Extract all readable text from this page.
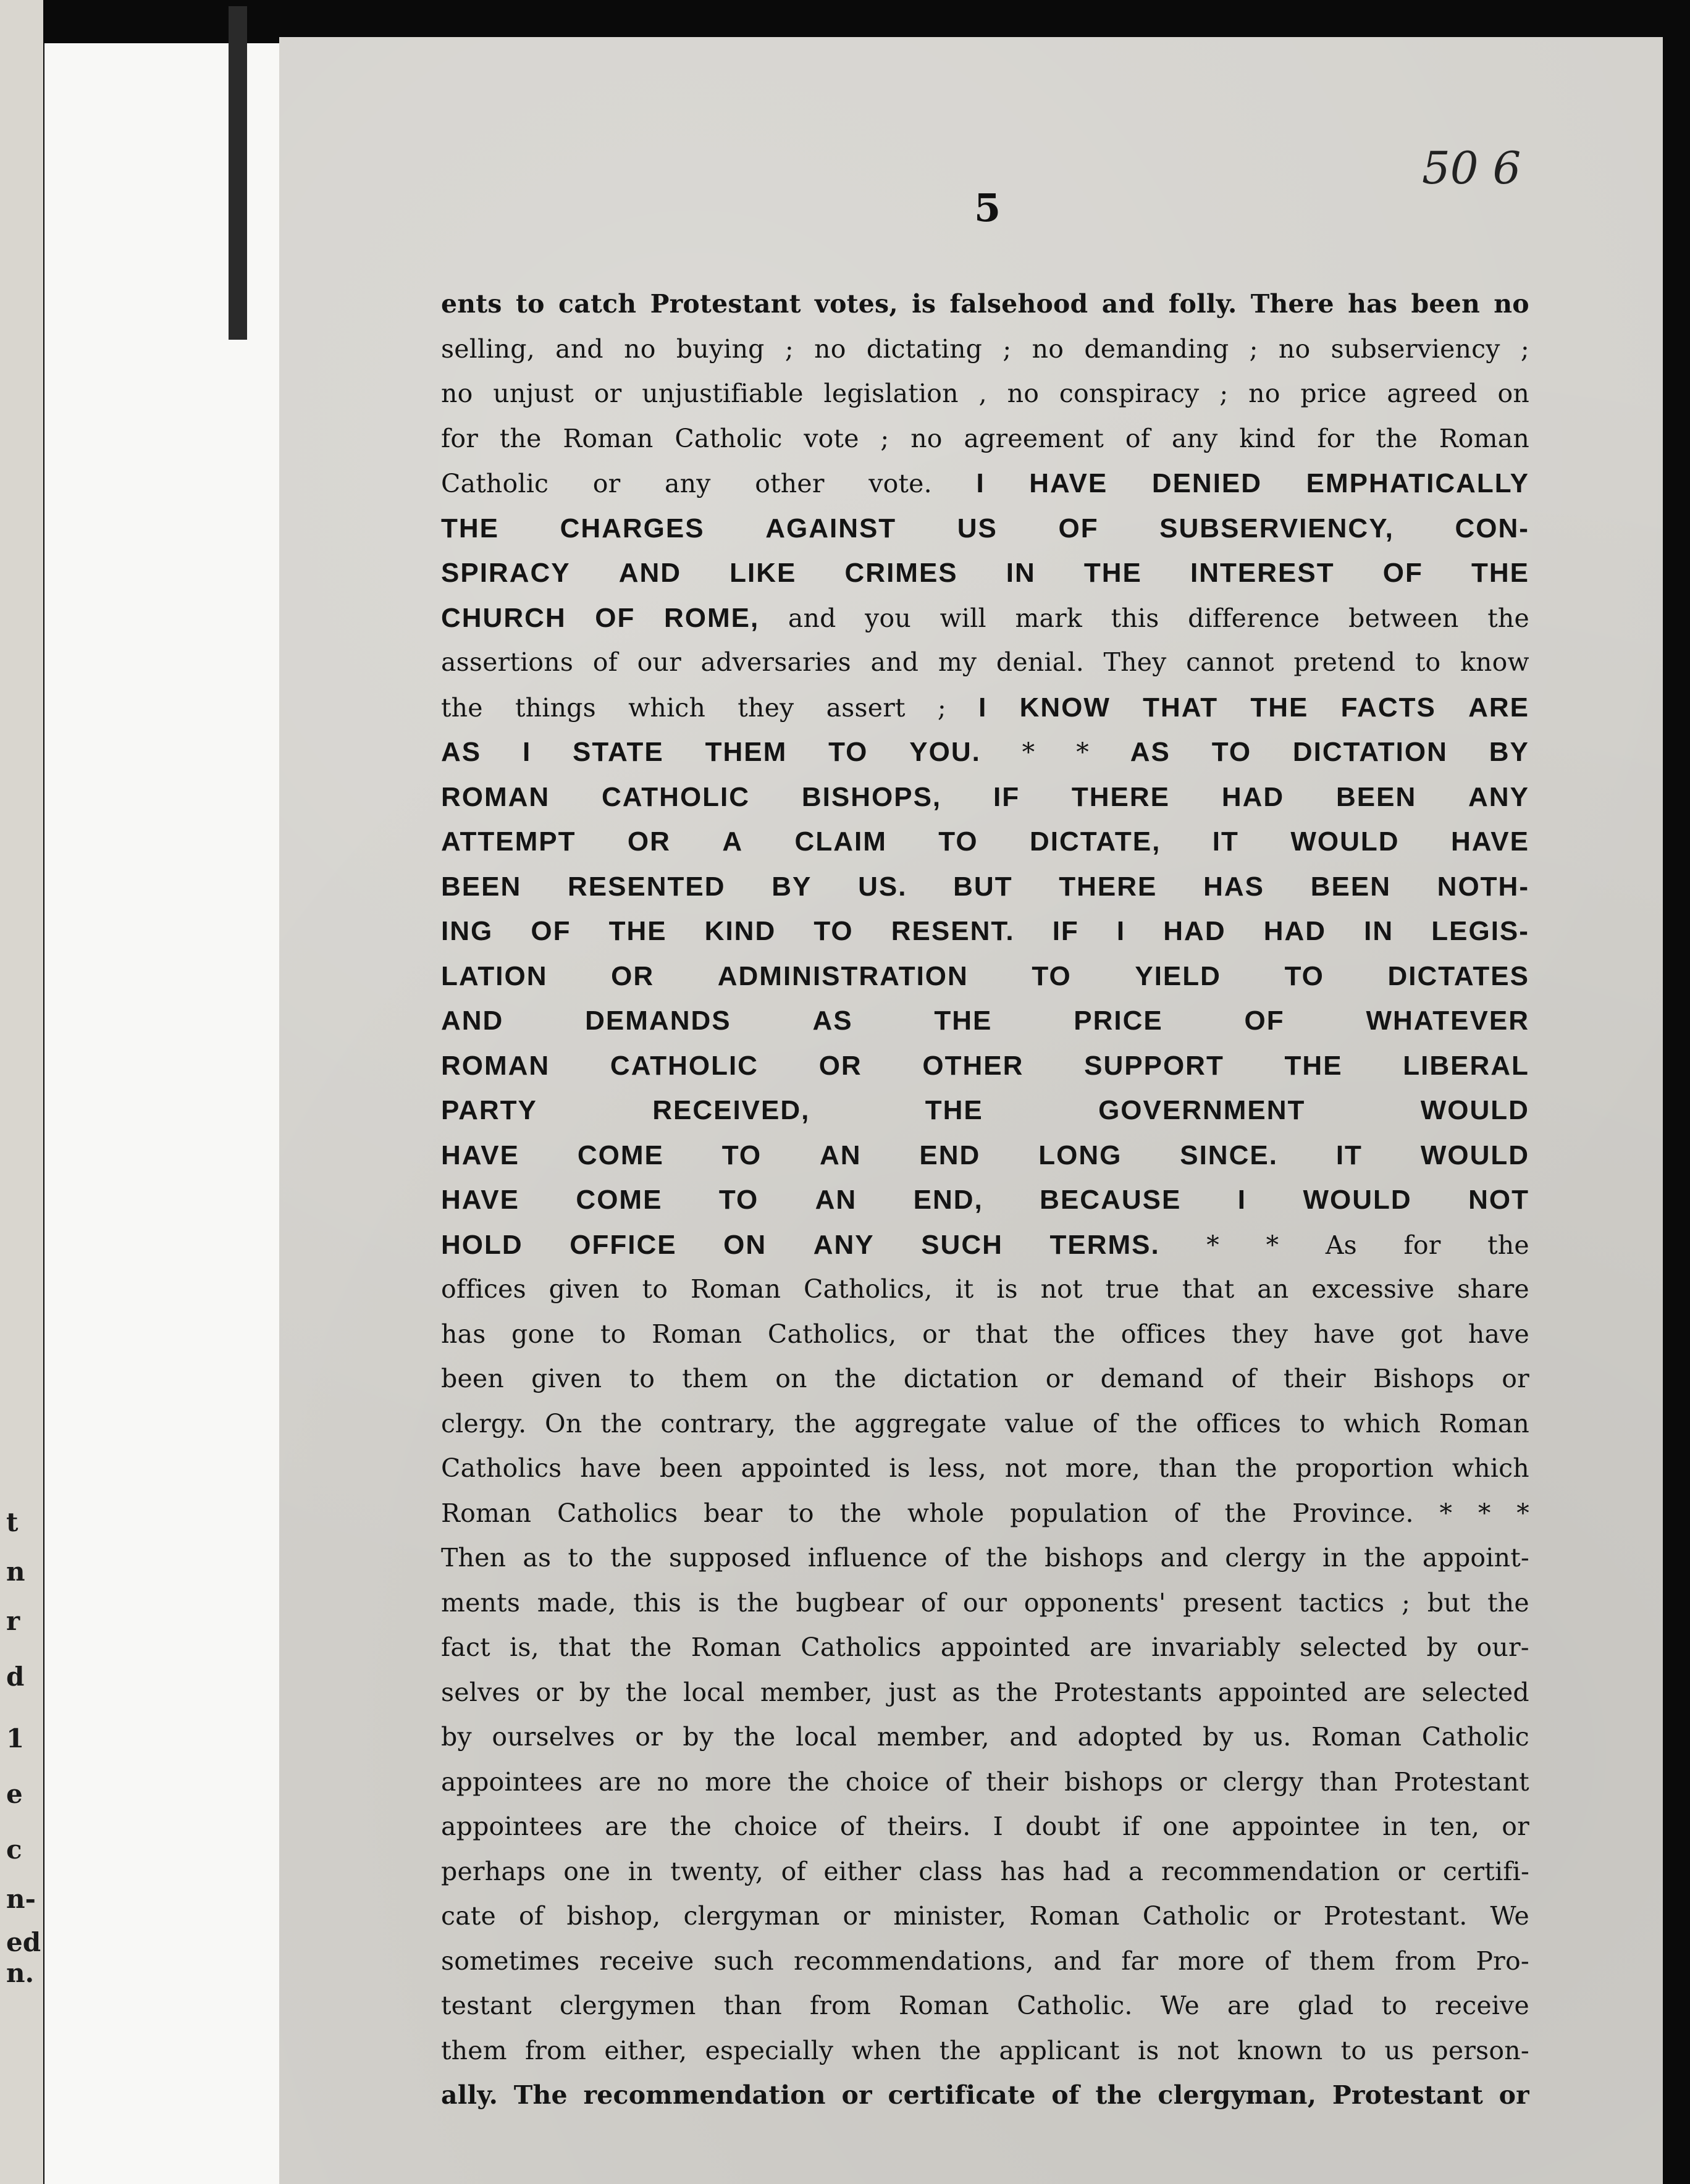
t
n
r
d
1
e
c
n-
ed
n.
5
50 6
ents to catch Protestant votes, is falsehood and folly. There has been no
selling, and no buying ; no dictating ; no demanding ; no subserviency ;
no unjust or unjustifiable legislation , no conspiracy ; no price agreed on
for the Roman Catholic vote ; no agreement of any kind for the Roman
Catholic or any other vote. I HAVE DENIED EMPHATICALLY
THE CHARGES AGAINST US OF SUBSERVIENCY, CON-
SPIRACY AND LIKE CRIMES IN THE INTEREST OF THE
CHURCH OF ROME, and you will mark this difference between the
assertions of our adversaries and my denial. They cannot pretend to know
the things which they assert ; I KNOW THAT THE FACTS ARE
AS I STATE THEM TO YOU. * * AS TO DICTATION BY
ROMAN CATHOLIC BISHOPS, IF THERE HAD BEEN ANY
ATTEMPT OR A CLAIM TO DICTATE, IT WOULD HAVE
BEEN RESENTED BY US. BUT THERE HAS BEEN NOTH-
ING OF THE KIND TO RESENT. IF I HAD HAD IN LEGIS-
LATION OR ADMINISTRATION TO YIELD TO DICTATES
AND	DEMANDS	AS	THE	PRICE	OF	WHATEVER
ROMAN CATHOLIC OR OTHER SUPPORT THE LIBERAL
PARTY	RECEIVED,	THE	GOVERNMENT	WOULD
HAVE COME TO AN END LONG SINCE. IT WOULD
HAVE COME TO AN END, BECAUSE I WOULD NOT
HOLD OFFICE ON ANY SUCH TERMS. * * As for the
offices given to Roman Catholics, it is not true that an excessive share
has gone to Roman Catholics, or that the offices they have got have
been given to them on the dictation or demand of their Bishops or
clergy. On the contrary, the aggregate value of the offices to which Roman
Catholics have been appointed is less, not more, than the proportion which
Roman Catholics bear to the whole population of the Province. * * *
Then as to the supposed influence of the bishops and clergy in the appoint-
ments made, this is the bugbear of our opponents' present tactics ; but the
fact is, that the Roman Catholics appointed are invariably selected by our-
selves or by the local member, just as the Protestants appointed are selected
by ourselves or by the local member, and adopted by us. Roman Catholic
appointees are no more the choice of their bishops or clergy than Protestant
appointees are the choice of theirs. I doubt if one appointee in ten, or
perhaps one in twenty, of either class has had a recommendation or certifi-
cate of bishop, clergyman or minister, Roman Catholic or Protestant. We
sometimes receive such recommendations, and far more of them from Pro-
testant clergymen than from Roman Catholic. We are glad to receive
them from either, especially when the applicant is not known to us person-
ally. The recommendation or certificate of the clergyman, Protestant or
